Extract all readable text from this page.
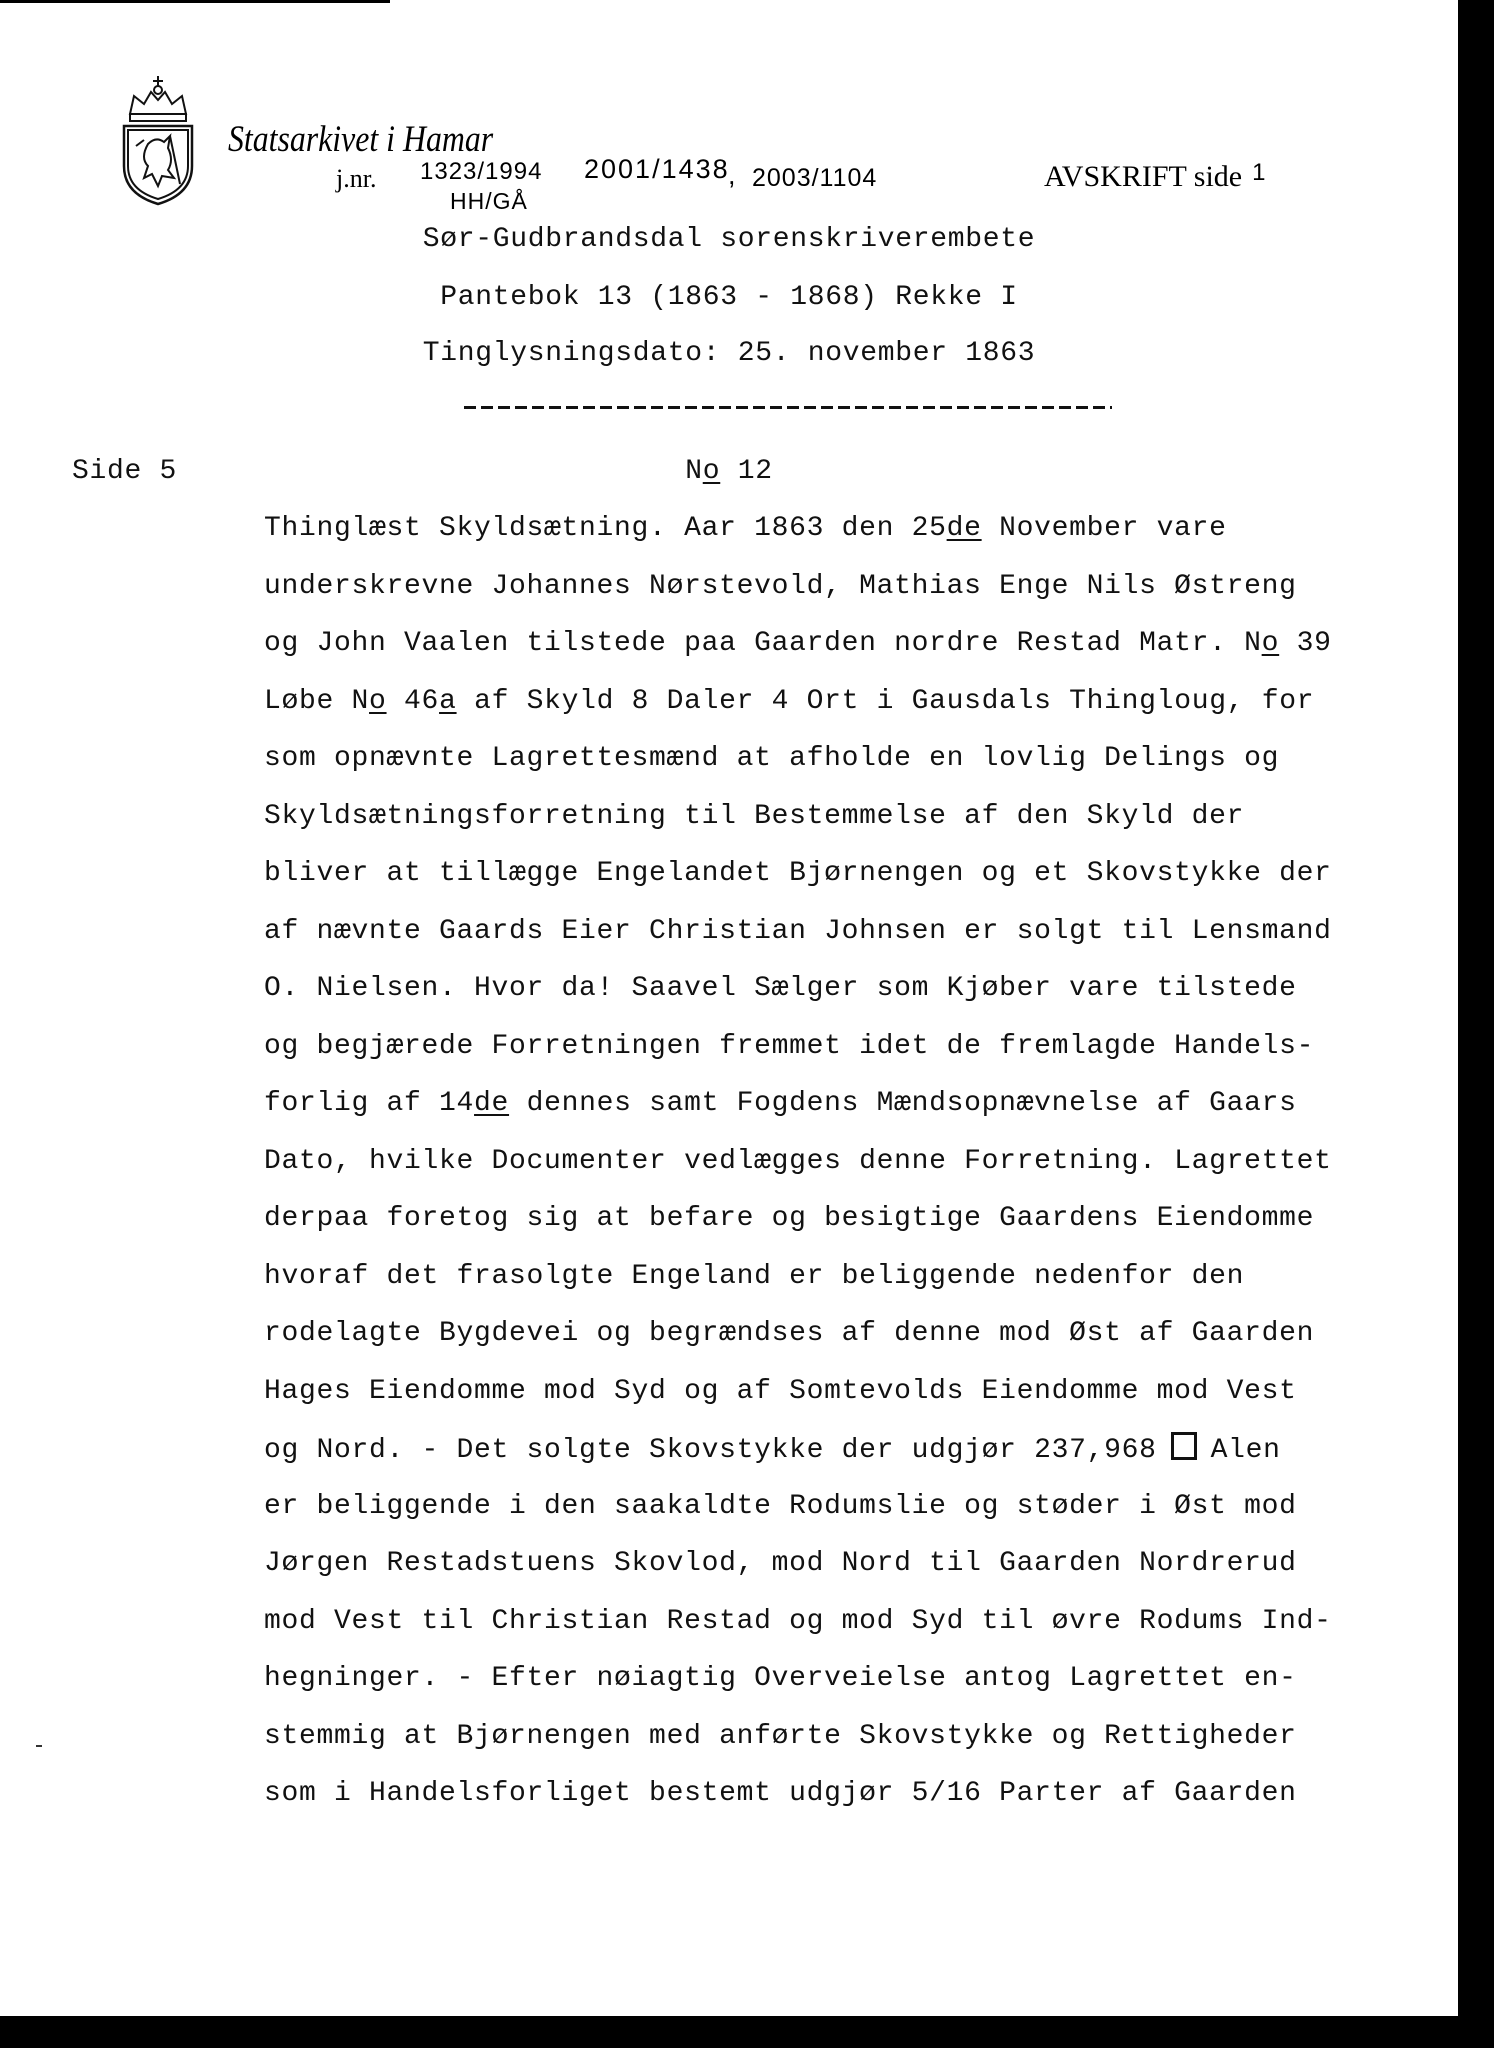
Statsarkivet i Hamar
j.nr. 1323/1994 2001/1438
, 2003/1104
HH/GÅ
AVSKRIFT side $^1$
Sør-Gudbrandsdal sorenskriverembete
Pantebok 13 (1863 - 1868) Rekke I
Tinglysningsdato: 25. november 1863
Side 5	No 12
Thinglæst Skyldsætning. Aar 1863 den 25de November vare
underskrevne Johannes Nørstevold, Mathias Enge Nils Østreng
og John Vaalen tilstede paa Gaarden nordre Restad Matr. No 39
Løbe No 46a af Skyld 8 Daler 4 Ort i Gausdals Thingloug, for
som opnævnte Lagrettesmænd at afholde en lovlig Delings og
Skyldsætningsforretning til Bestemmelse af den Skyld der
bliver at tillægge Engelandet Bjørnengen og et Skovstykke der
af nævnte Gaards Eier Christian Johnsen er solgt til Lensmand
O. Nielsen. Hvor da! Saavel Sælger som Kjøber vare tilstede
og begjærede Forretningen fremmet idet de fremlagde Handels-
forlig af 14de dennes samt Fogdens Mændsopnævnelse af Gaars
Dato, hvilke Documenter vedlægges denne Forretning. Lagrettet
derpaa foretog sig at befare og besigtige Gaardens Eiendomme
hvoraf det frasolgte Engeland er beliggende nedenfor den
rodelagte Bygdevei og begrændses af denne mod Øst af Gaarden
Hages Eiendomme mod Syd og af Somtevolds Eiendomme mod Vest
og Nord. - Det solgte Skovstykke der udgjør 237,968 Alen
er beliggende i den saakaldte Rodumslie og støder i Øst mod
Jørgen Restadstuens Skovlod, mod Nord til Gaarden Nordrerud
mod Vest til Christian Restad og mod Syd til øvre Rodums Ind-
hegninger. - Efter nøiagtig Overveielse antog Lagrettet en-
stemmig at Bjørnengen med anførte Skovstykke og Rettigheder
som i Handelsforliget bestemt udgjør 5/16 Parter af Gaarden
